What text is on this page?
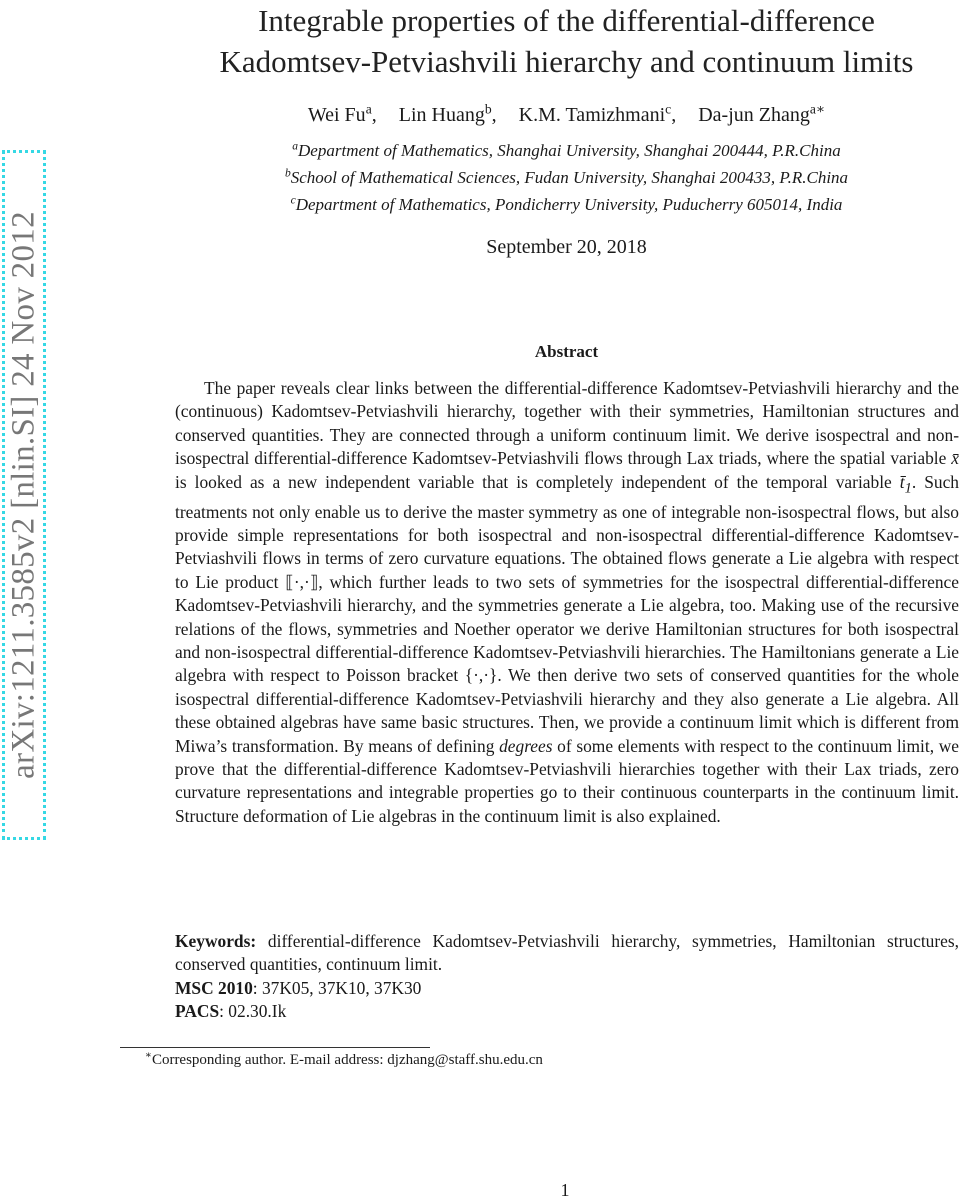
arXiv:1211.3585v2 [nlin.SI] 24 Nov 2012
Integrable properties of the differential-difference
Kadomtsev-Petviashvili hierarchy and continuum limits
Wei Fu$^a$, Lin Huang$^b$, K.M. Tamizhmani$^c$, Da-jun Zhang$^{a∗}$
$^a$Department of Mathematics, Shanghai University, Shanghai 200444, P.R.China
$^b$School of Mathematical Sciences, Fudan University, Shanghai 200433, P.R.China
$^c$Department of Mathematics, Pondicherry University, Puducherry 605014, India
September 20, 2018
Abstract

The paper reveals clear links between the differential-difference Kadomtsev-Petviashvili hierarchy and the (continuous) Kadomtsev-Petviashvili hierarchy, together with their symmetries, Hamiltonian structures and conserved quantities. They are connected through a uniform continuum limit. We derive isospectral and non-isospectral differential-difference Kadomtsev-Petviashvili flows through Lax triads, where the spatial variable x̄ is looked as a new independent variable that is completely independent of the temporal variable $t̄_1$. Such treatments not only enable us to derive the master symmetry as one of integrable non-isospectral flows, but also provide simple representations for both isospectral and non-isospectral differential-difference Kadomtsev-Petviashvili flows in terms of zero curvature equations. The obtained flows generate a Lie algebra with respect to Lie product ⟦·,·⟧, which further leads to two sets of symmetries for the isospectral differential-difference Kadomtsev-Petviashvili hierarchy, and the symmetries generate a Lie algebra, too. Making use of the recursive relations of the flows, symmetries and Noether operator we derive Hamiltonian structures for both isospectral and non-isospectral differential-difference Kadomtsev-Petviashvili hierarchies. The Hamiltonians generate a Lie algebra with respect to Poisson bracket {·,·}. We then derive two sets of conserved quantities for the whole isospectral differential-difference Kadomtsev-Petviashvili hierarchy and they also generate a Lie algebra. All these obtained algebras have same basic structures. Then, we provide a continuum limit which is different from Miwa’s transformation. By means of defining degrees of some elements with respect to the continuum limit, we prove that the differential-difference Kadomtsev-Petviashvili hierarchies together with their Lax triads, zero curvature representations and integrable properties go to their continuous counterparts in the continuum limit. Structure deformation of Lie algebras in the continuum limit is also explained.

Keywords: differential-difference Kadomtsev-Petviashvili hierarchy, symmetries, Hamiltonian structures, conserved quantities, continuum limit.

MSC 2010: 37K05, 37K10, 37K30
PACS: 02.30.Ik
∗Corresponding author. E-mail address: djzhang@staff.shu.edu.cn
1
